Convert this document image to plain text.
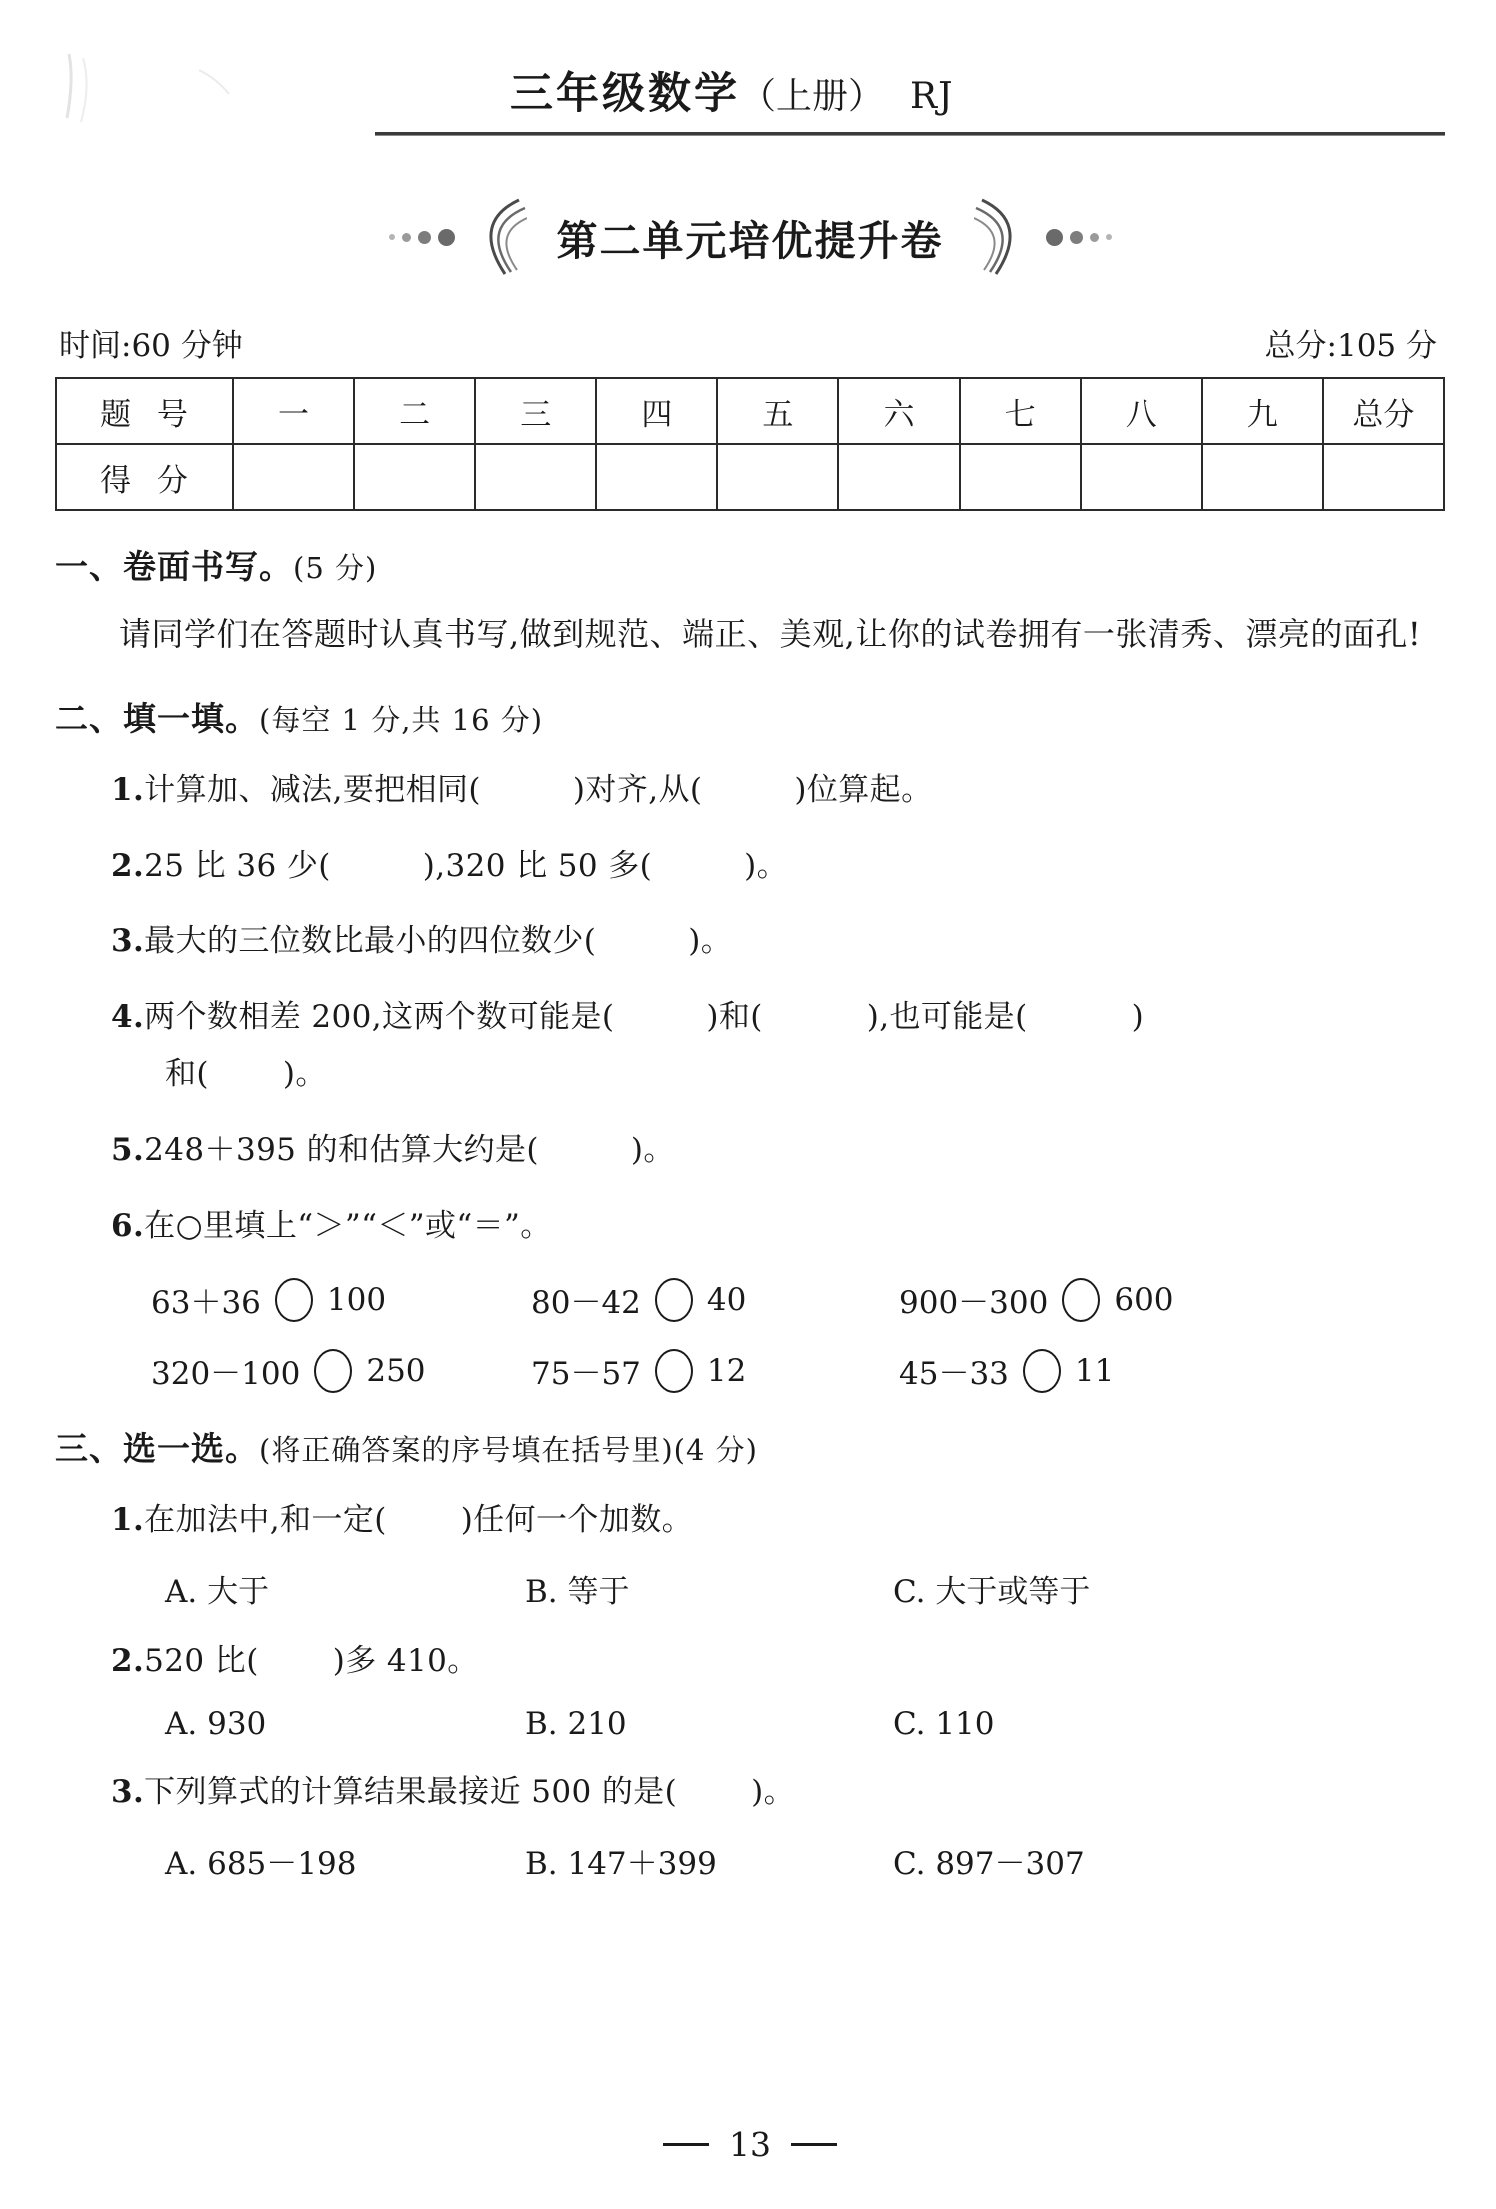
三年级数学（上册） RJ
第二单元培优提升卷
时间:60 分钟	总分:105 分
题 号	一	二	三	四	五	六	七	八	九	总分
得 分										
一、卷面书写。(5 分)
请同学们在答题时认真书写,做到规范、端正、美观,让你的试卷拥有一张清秀、漂亮的面孔!
二、填一填。(每空 1 分,共 16 分)
1.计算加、减法,要把相同(	)对齐,从(	)位算起。
2.25 比 36 少(	),320 比 50 多(	)。
3.最大的三位数比最小的四位数少(	)。
4.两个数相差 200,这两个数可能是(	)和(	),也可能是(	)
和( )。
5.248＋395 的和估算大约是(	)。
6.在○里填上“＞”“＜”或“＝”。
63＋36 100	80－42 40	900－300 600
320－100 250	75－57 12	45－33 11
三、选一选。(将正确答案的序号填在括号里)(4 分)
1.在加法中,和一定( )任何一个加数。
A. 大于	B. 等于	C. 大于或等于
2.520 比( )多 410。
A. 930	B. 210	C. 110
3.下列算式的计算结果最接近 500 的是( )。
A. 685－198	B. 147＋399	C. 897－307
13
